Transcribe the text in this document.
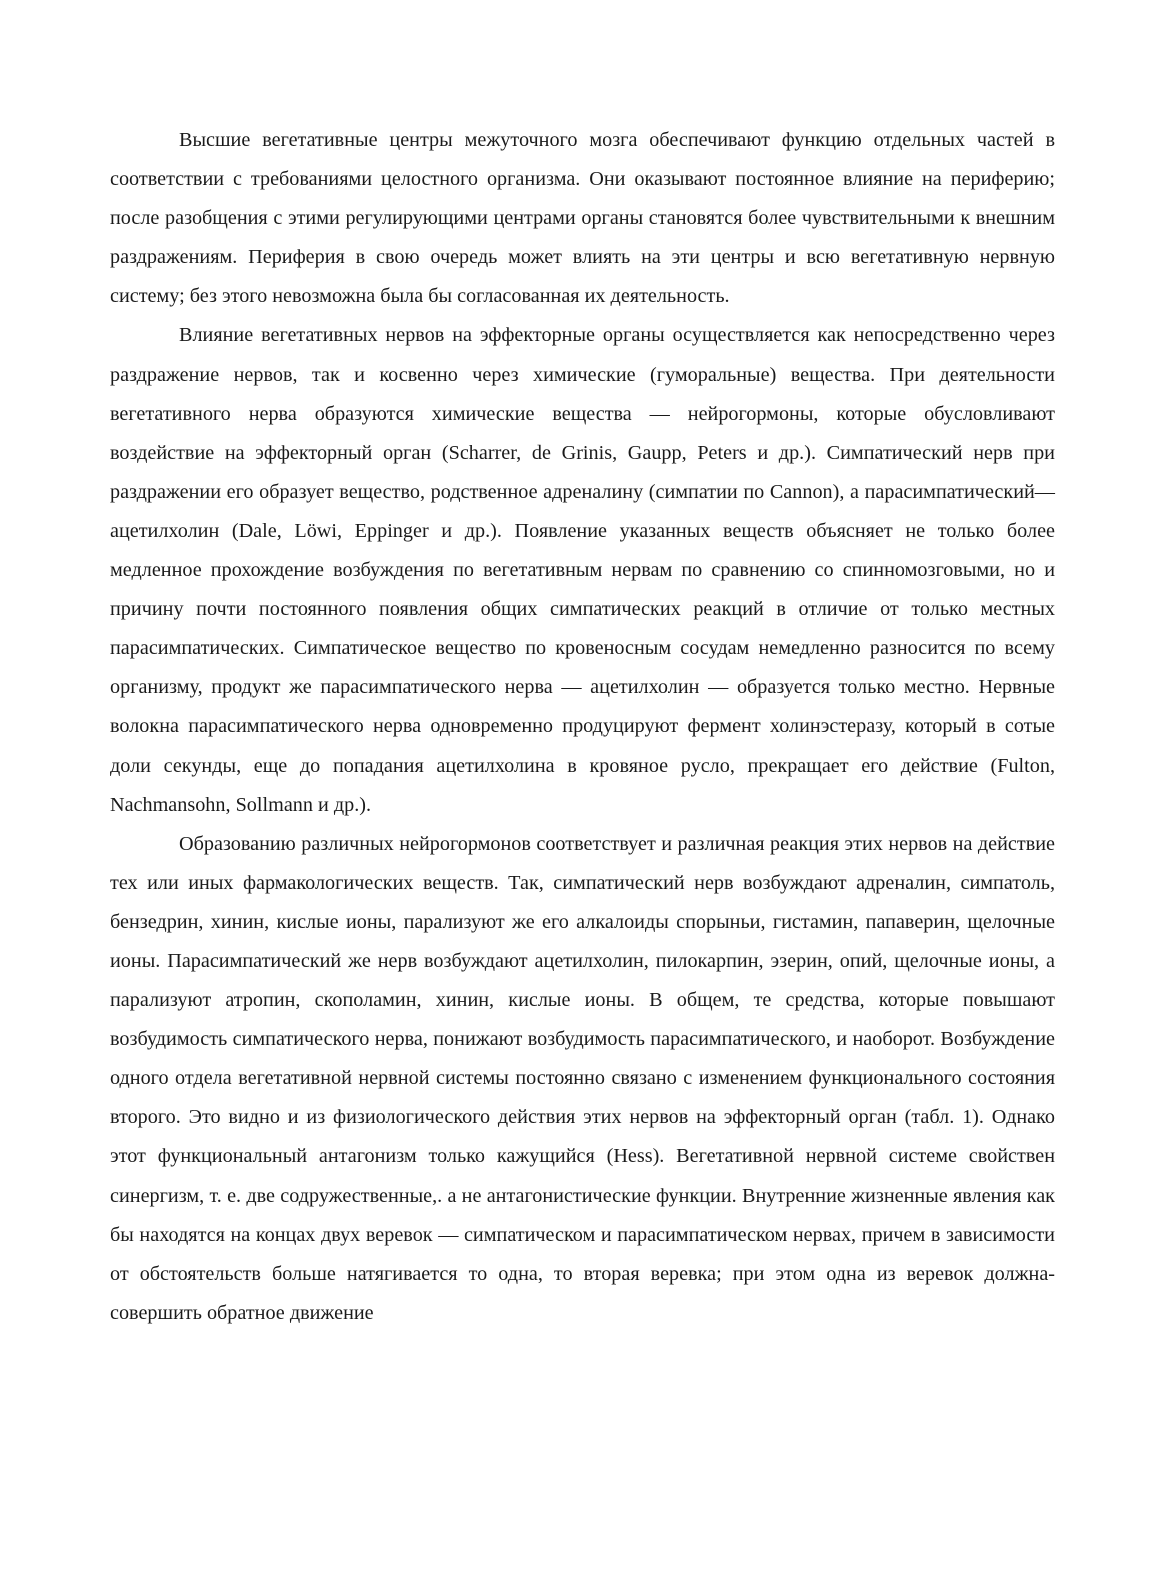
Высшие вегетативные центры межуточного мозга обеспечивают функцию отдельных частей в соответствии с требованиями целостного организма. Они оказывают постоянное влияние на периферию; после разобщения с этими регулирующими центрами органы становятся более чувствительными к внешним раздражениям. Периферия в свою очередь может влиять на эти центры и всю вегетативную нервную систему; без этого невозможна была бы согласованная их деятельность.

Влияние вегетативных нервов на эффекторные органы осуществляется как непосредственно через раздражение нервов, так и косвенно через химические (гуморальные) вещества. При деятельности вегетативного нерва образуются химические вещества — нейрогормоны, которые обусловливают воздействие на эффекторный орган (Scharrer, de Grinis, Gaupp, Peters и др.). Симпатический нерв при раздражении его образует вещество, родственное адреналину (симпатии по Cannon), а парасимпатический— ацетилхолин (Dale, Löwi, Eppinger и др.). Появление указанных веществ объясняет не только более медленное прохождение возбуждения по вегетативным нервам по сравнению со спинномозговыми, но и причину почти постоянного появления общих симпатических реакций в отличие от только местных парасимпатических. Симпатическое вещество по кровеносным сосудам немедленно разносится по всему организму, продукт же парасимпатического нерва — ацетилхолин — образуется только местно. Нервные волокна парасимпатического нерва одновременно продуцируют фермент холинэстеразу, который в сотые доли секунды, еще до попадания ацетилхолина в кровяное русло, прекращает его действие (Fulton, Nachmansohn, Sollmann и др.).

Образованию различных нейрогормонов соответствует и различная реакция этих нервов на действие тех или иных фармакологических веществ. Так, симпатический нерв возбуждают адреналин, симпатоль, бензедрин, хинин, кислые ионы, парализуют же его алкалоиды спорыньи, гистамин, папаверин, щелочные ионы. Парасимпатический же нерв возбуждают ацетилхолин, пилокарпин, эзерин, опий, щелочные ионы, а парализуют атропин, скополамин, хинин, кислые ионы. В общем, те средства, которые повышают возбудимость симпатического нерва, понижают возбудимость парасимпатического, и наоборот. Возбуждение одного отдела вегетативной нервной системы постоянно связано с изменением функционального состояния второго. Это видно и из физиологического действия этих нервов на эффекторный орган (табл. 1). Однако этот функциональный антагонизм только кажущийся (Hess). Вегетативной нервной системе свойствен синергизм, т. е. две содружественные,. а не антагонистические функции. Внутренние жизненные явления как бы находятся на концах двух веревок — симпатическом и парасимпатическом нервах, причем в зависимости от обстоятельств больше натягивается то одна, то вторая веревка; при этом одна из веревок должна- совершить обратное движение
